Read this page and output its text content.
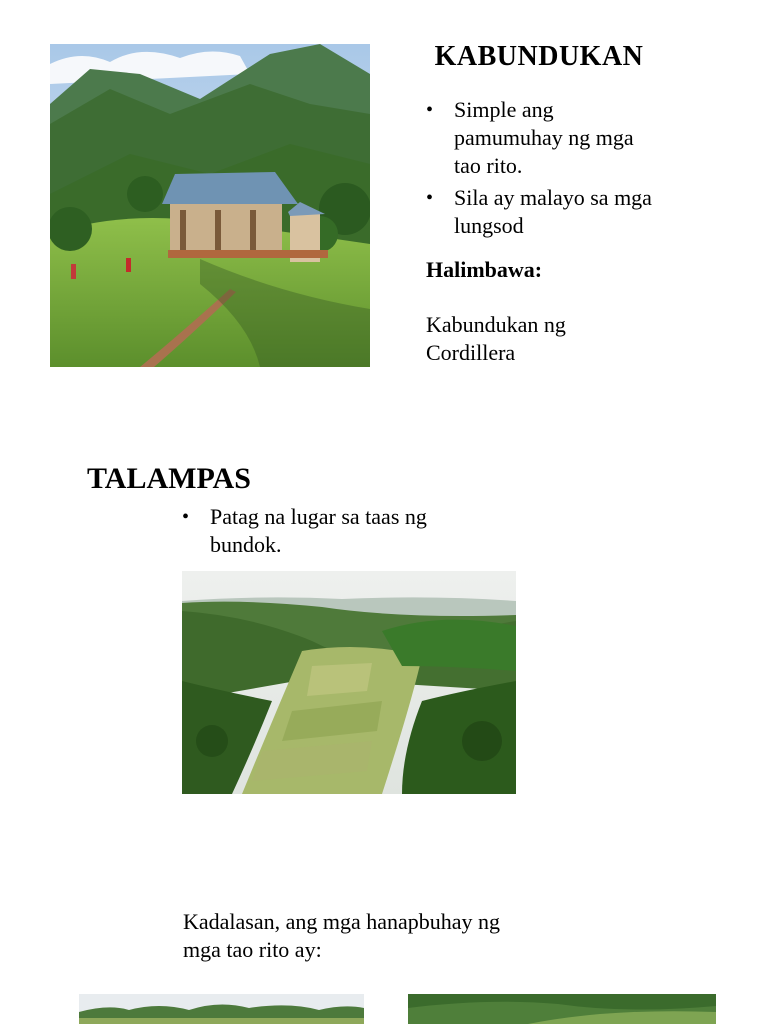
KABUNDUKAN
• Simple ang pamumuhay ng mga tao rito.
• Sila ay malayo sa mga lungsod
Halimbawa:
Kabundukan ng Cordillera
TALAMPAS
• Patag na lugar sa taas ng bundok.
Kadalasan, ang mga hanapbuhay ng mga tao rito ay:
